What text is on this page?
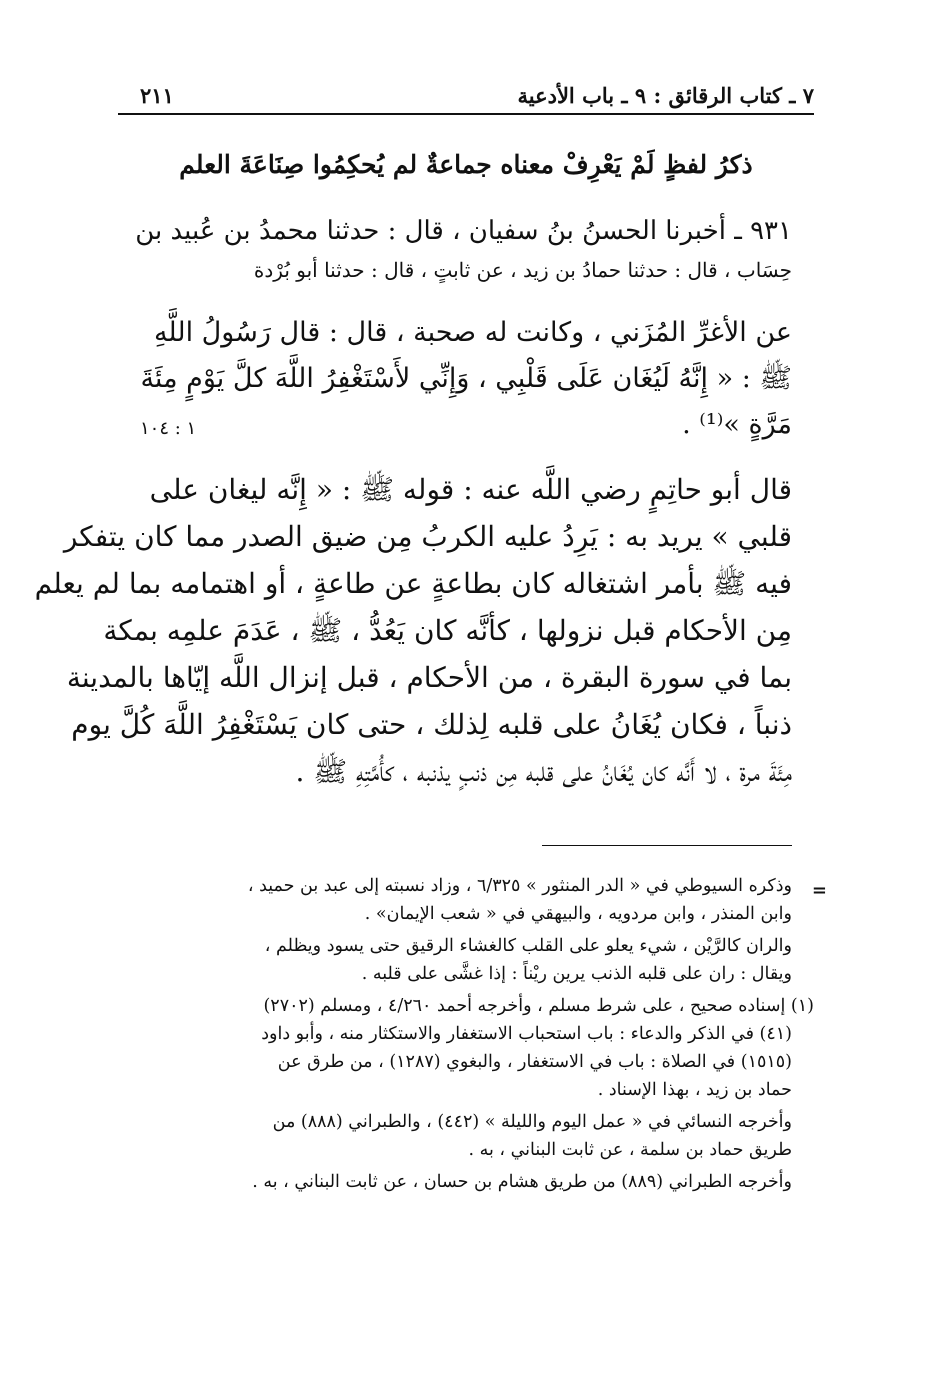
٧ ـ كتاب الرقائق : ٩ ـ باب الأدعية
٢١١
ذكرُ لفظٍ لَمْ يَعْرِفْ معناه جماعةٌ لم يُحكِمُوا صِنَاعَةَ العلم
٩٣١ ـ أخبرنا الحسنُ بنُ سفيان ، قال : حدثنا محمدُ بن عُبيد بن
حِسَاب ، قال : حدثنا حمادُ بن زيد ، عن ثابتٍ ، قال : حدثنا أبو بُرْدة
عن الأغرِّ المُزَني ، وكانت له صحبة ، قال : قال رَسُولُ اللَّهِ
ﷺ : « إِنَّهُ لَيُغَان عَلَى قَلْبِي ، وَإِنِّي لأَسْتَغْفِرُ اللَّهَ كلَّ يَوْمٍ مِئَةَ
مَرَّةٍ »⁽¹⁾ .
١ : ١٠٤
قال أبو حاتِمٍ رضي اللَّه عنه : قوله ﷺ : « إِنَّه ليغان على
قلبي » يريد به : يَرِدُ عليه الكربُ مِن ضيق الصدر مما كان يتفكر
فيه ﷺ بأمر اشتغاله كان بطاعةٍ عن طاعةٍ ، أو اهتمامه بما لم يعلم
مِن الأحكام قبل نزولها ، كأنَّه كان يَعُدُّ ، ﷺ ، عَدَمَ علمِه بمكة
بما في سورة البقرة ، من الأحكام ، قبل إنزال اللَّه إيّاها بالمدينة
ذنباً ، فكان يُغَانُ على قلبه لِذلك ، حتى كان يَسْتَغْفِرُ اللَّهَ كُلَّ يوم
مِئَةَ مرة ، لا أَنَّه كان يُغَانُ على قلبه مِن ذنبٍ يذنبه ، كأُمَّتِهِ ﷺ .
=
وذكره السيوطي في « الدر المنثور » ٦/٣٢٥ ، وزاد نسبته إلى عبد بن حميد ،
وابن المنذر ، وابن مردويه ، والبيهقي في « شعب الإيمان» .
والران كالرَّيْن ، شيء يعلو على القلب كالغشاء الرقيق حتى يسود ويظلم ،
ويقال : ران على قلبه الذنب يرين ريْناً : إذا غشَّى على قلبه .
(١) إسناده صحيح ، على شرط مسلم ، وأخرجه أحمد ٤/٢٦٠ ، ومسلم (٢٧٠٢)
(٤١) في الذكر والدعاء : باب استحباب الاستغفار والاستكثار منه ، وأبو داود
(١٥١٥) في الصلاة : باب في الاستغفار ، والبغوي (١٢٨٧) ، من طرق عن
حماد بن زيد ، بهذا الإسناد .
وأخرجه النسائي في « عمل اليوم والليلة » (٤٤٢) ، والطبراني (٨٨٨) من
طريق حماد بن سلمة ، عن ثابت البناني ، به .
وأخرجه الطبراني (٨٨٩) من طريق هشام بن حسان ، عن ثابت البناني ، به .
